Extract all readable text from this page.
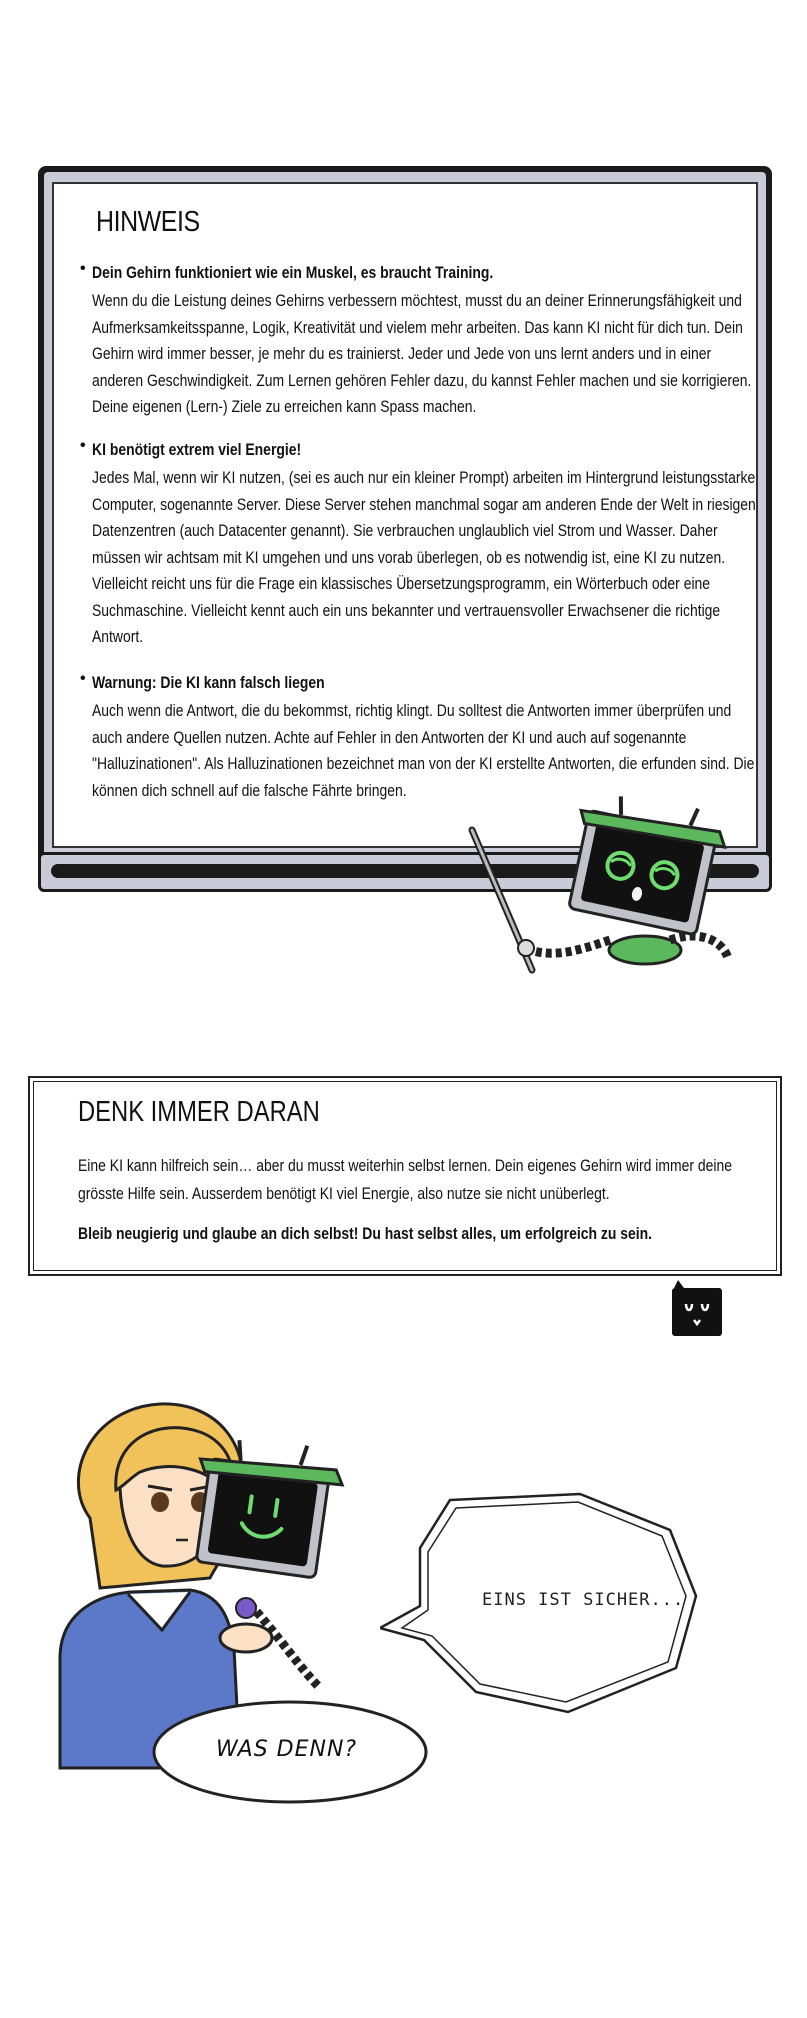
HINWEIS
• Dein Gehirn funktioniert wie ein Muskel, es braucht Training.

Wenn du die Leistung deines Gehirns verbessern möchtest, musst du an deiner Erinnerungsfähigkeit und Aufmerksamkeitsspanne, Logik, Kreativität und vielem mehr arbeiten. Das kann KI nicht für dich tun. Dein Gehirn wird immer besser, je mehr du es trainierst. Jeder und Jede von uns lernt anders und in einer anderen Geschwindigkeit. Zum Lernen gehören Fehler dazu, du kannst Fehler machen und sie korrigieren. Deine eigenen (Lern-) Ziele zu erreichen kann Spass machen.

• KI benötigt extrem viel Energie!

Jedes Mal, wenn wir KI nutzen, (sei es auch nur ein kleiner Prompt) arbeiten im Hintergrund leistungsstarke Computer, sogenannte Server. Diese Server stehen manchmal sogar am anderen Ende der Welt in riesigen Datenzentren (auch Datacenter genannt). Sie verbrauchen unglaublich viel Strom und Wasser. Daher müssen wir achtsam mit KI umgehen und uns vorab überlegen, ob es notwendig ist, eine KI zu nutzen. Vielleicht reicht uns für die Frage ein klassisches Übersetzungsprogramm, ein Wörterbuch oder eine Suchmaschine. Vielleicht kennt auch ein uns bekannter und vertrauensvoller Erwachsener die richtige Antwort.

• Warnung: Die KI kann falsch liegen

Auch wenn die Antwort, die du bekommst, richtig klingt. Du solltest die Antworten immer überprüfen und auch andere Quellen nutzen. Achte auf Fehler in den Antworten der KI und auch auf sogenannte "Halluzinationen". Als Halluzinationen bezeichnet man von der KI erstellte Antworten, die erfunden sind. Die können dich schnell auf die falsche Fährte bringen.

DENK IMMER DARAN

Eine KI kann hilfreich sein… aber du musst weiterhin selbst lernen. Dein eigenes Gehirn wird immer deine grösste Hilfe sein. Ausserdem benötigt KI viel Energie, also nutze sie nicht unüberlegt.

Bleib neugierig und glaube an dich selbst! Du hast selbst alles, um erfolgreich zu sein.

EINS IST SICHER...

WAS DENN?
